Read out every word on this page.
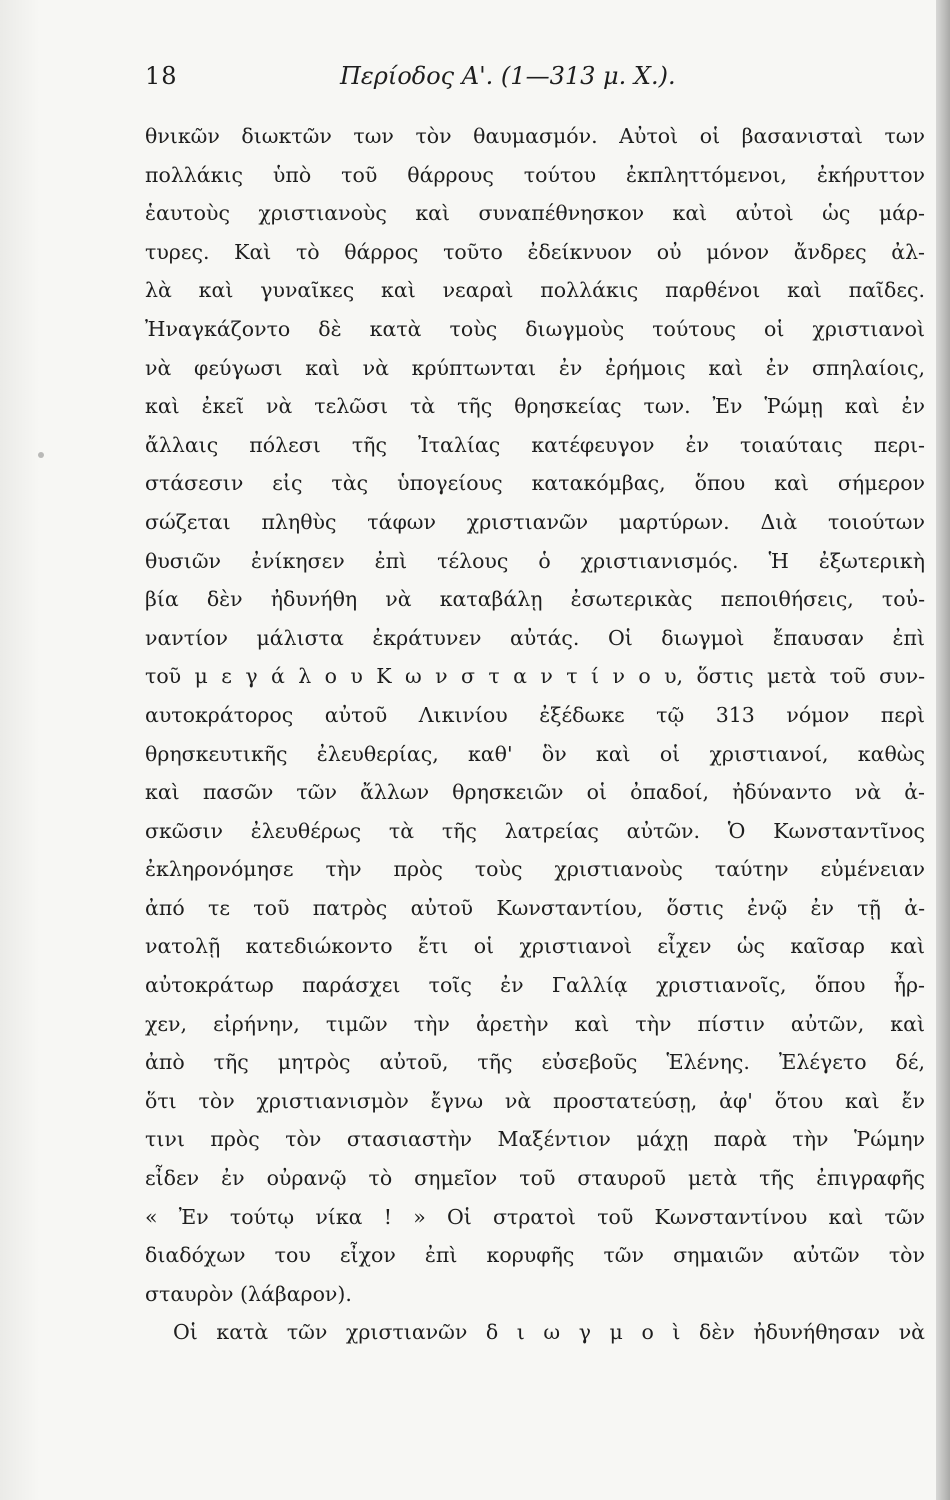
18	Περίοδος Α'. (1—313 μ. Χ.).
θνικῶν διωκτῶν των τὸν θαυμασμόν. Αὐτοὶ οἱ βασανισταὶ των
πολλάκις ὑπὸ τοῦ θάρρους τούτου ἐκπληττόμενοι, ἐκήρυττον
ἑαυτοὺς χριστιανοὺς καὶ συναπέθνησκον καὶ αὐτοὶ ὡς μάρ-
τυρες. Καὶ τὸ θάρρος τοῦτο ἐδείκνυον οὐ μόνον ἄνδρες ἀλ-
λὰ καὶ γυναῖκες καὶ νεαραὶ πολλάκις παρθένοι καὶ παῖδες.
Ἠναγκάζοντο δὲ κατὰ τοὺς διωγμοὺς τούτους οἱ χριστιανοὶ
νὰ φεύγωσι καὶ νὰ κρύπτωνται ἐν ἐρήμοις καὶ ἐν σπηλαίοις,
καὶ ἐκεῖ νὰ τελῶσι τὰ τῆς θρησκείας των. Ἐν Ῥώμῃ καὶ ἐν
ἄλλαις πόλεσι τῆς Ἰταλίας κατέφευγον ἐν τοιαύταις περι-
στάσεσιν εἰς τὰς ὑπογείους κατακόμβας, ὅπου καὶ σήμερον
σώζεται πληθὺς τάφων χριστιανῶν μαρτύρων. Διὰ τοιούτων
θυσιῶν ἐνίκησεν ἐπὶ τέλους ὁ χριστιανισμός. Ἡ ἐξωτερικὴ
βία δὲν ἠδυνήθη νὰ καταβάλῃ ἐσωτερικὰς πεποιθήσεις, τοὐ-
ναντίον μάλιστα ἐκράτυνεν αὐτάς. Οἱ διωγμοὶ ἔπαυσαν ἐπὶ
τοῦ μ ε γ ά λ ο υ Κ ω ν σ τ α ν τ ί ν ο υ, ὅστις μετὰ τοῦ συν-
αυτοκράτορος αὐτοῦ Λικινίου ἐξέδωκε τῷ 313 νόμον περὶ
θρησκευτικῆς ἐλευθερίας, καθ' ὃν καὶ οἱ χριστιανοί, καθὼς
καὶ πασῶν τῶν ἄλλων θρησκειῶν οἱ ὀπαδοί, ἠδύναντο νὰ ἀ-
σκῶσιν ἐλευθέρως τὰ τῆς λατρείας αὐτῶν. Ὁ Κωνσταντῖνος
ἐκληρονόμησε τὴν πρὸς τοὺς χριστιανοὺς ταύτην εὐμένειαν
ἀπό τε τοῦ πατρὸς αὐτοῦ Κωνσταντίου, ὅστις ἐνῷ ἐν τῇ ἀ-
νατολῇ κατεδιώκοντο ἔτι οἱ χριστιανοὶ εἶχεν ὡς καῖσαρ καὶ
αὐτοκράτωρ παράσχει τοῖς ἐν Γαλλίᾳ χριστιανοῖς, ὅπου ἦρ-
χεν, εἰρήνην, τιμῶν τὴν ἀρετὴν καὶ τὴν πίστιν αὐτῶν, καὶ
ἀπὸ τῆς μητρὸς αὐτοῦ, τῆς εὐσεβοῦς Ἑλένης. Ἐλέγετο δέ,
ὅτι τὸν χριστιανισμὸν ἔγνω νὰ προστατεύσῃ, ἀφ' ὅτου καὶ ἔν
τινι πρὸς τὸν στασιαστὴν Μαξέντιον μάχῃ παρὰ τὴν Ῥώμην
εἶδεν ἐν οὐρανῷ τὸ σημεῖον τοῦ σταυροῦ μετὰ τῆς ἐπιγραφῆς
« Ἐν τούτῳ νίκα ! » Οἱ στρατοὶ τοῦ Κωνσταντίνου καὶ τῶν
διαδόχων του εἶχον ἐπὶ κορυφῆς τῶν σημαιῶν αὐτῶν τὸν
σταυρὸν (λάβαρον).
Οἱ κατὰ τῶν χριστιανῶν δ ι ω γ μ ο ὶ δὲν ἠδυνήθησαν νὰ
